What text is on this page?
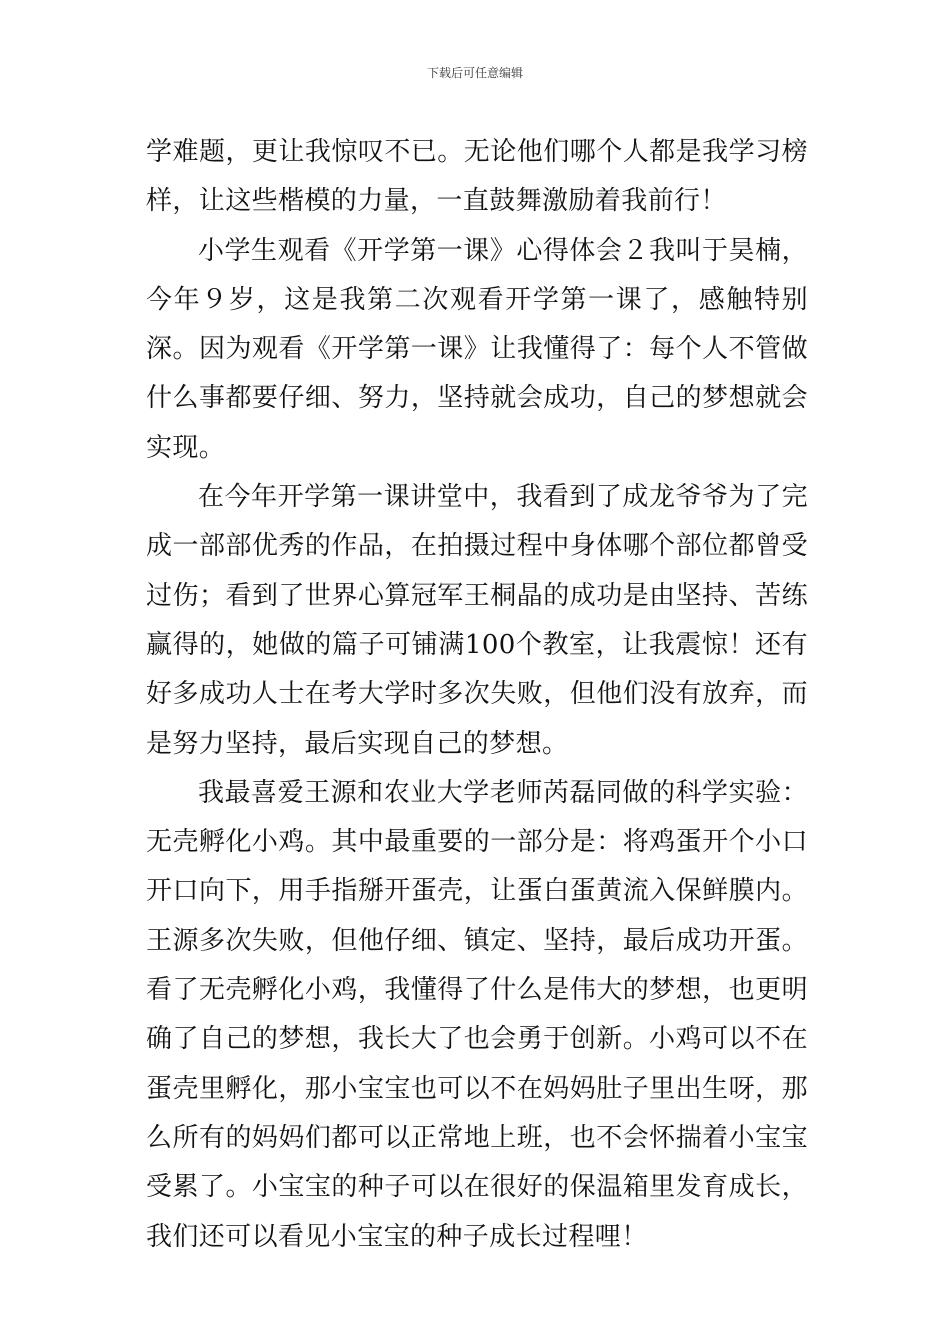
下载后可任意编辑

学难题，更让我惊叹不已。无论他们哪个人都是我学习榜样，让这些楷模的力量，一直鼓舞激励着我前行！

小学生观看《开学第一课》心得体会２我叫于昊楠，今年９岁，这是我第二次观看开学第一课了，感触特别深。因为观看《开学第一课》让我懂得了：每个人不管做什么事都要仔细、努力，坚持就会成功，自己的梦想就会实现。

在今年开学第一课讲堂中，我看到了成龙爷爷为了完成一部部优秀的作品，在拍摄过程中身体哪个部位都曾受过伤；看到了世界心算冠军王桐晶的成功是由坚持、苦练赢得的，她做的篇子可铺满100个教室，让我震惊！还有好多成功人士在考大学时多次失败，但他们没有放弃，而是努力坚持，最后实现自己的梦想。

我最喜爱王源和农业大学老师芮磊同做的科学实验：无壳孵化小鸡。其中最重要的一部分是：将鸡蛋开个小口开口向下，用手指掰开蛋壳，让蛋白蛋黄流入保鲜膜内。王源多次失败，但他仔细、镇定、坚持，最后成功开蛋。看了无壳孵化小鸡，我懂得了什么是伟大的梦想，也更明确了自己的梦想，我长大了也会勇于创新。小鸡可以不在蛋壳里孵化，那小宝宝也可以不在妈妈肚子里出生呀，那么所有的妈妈们都可以正常地上班，也不会怀揣着小宝宝受累了。小宝宝的种子可以在很好的保温箱里发育成长，我们还可以看见小宝宝的种子成长过程哩！
